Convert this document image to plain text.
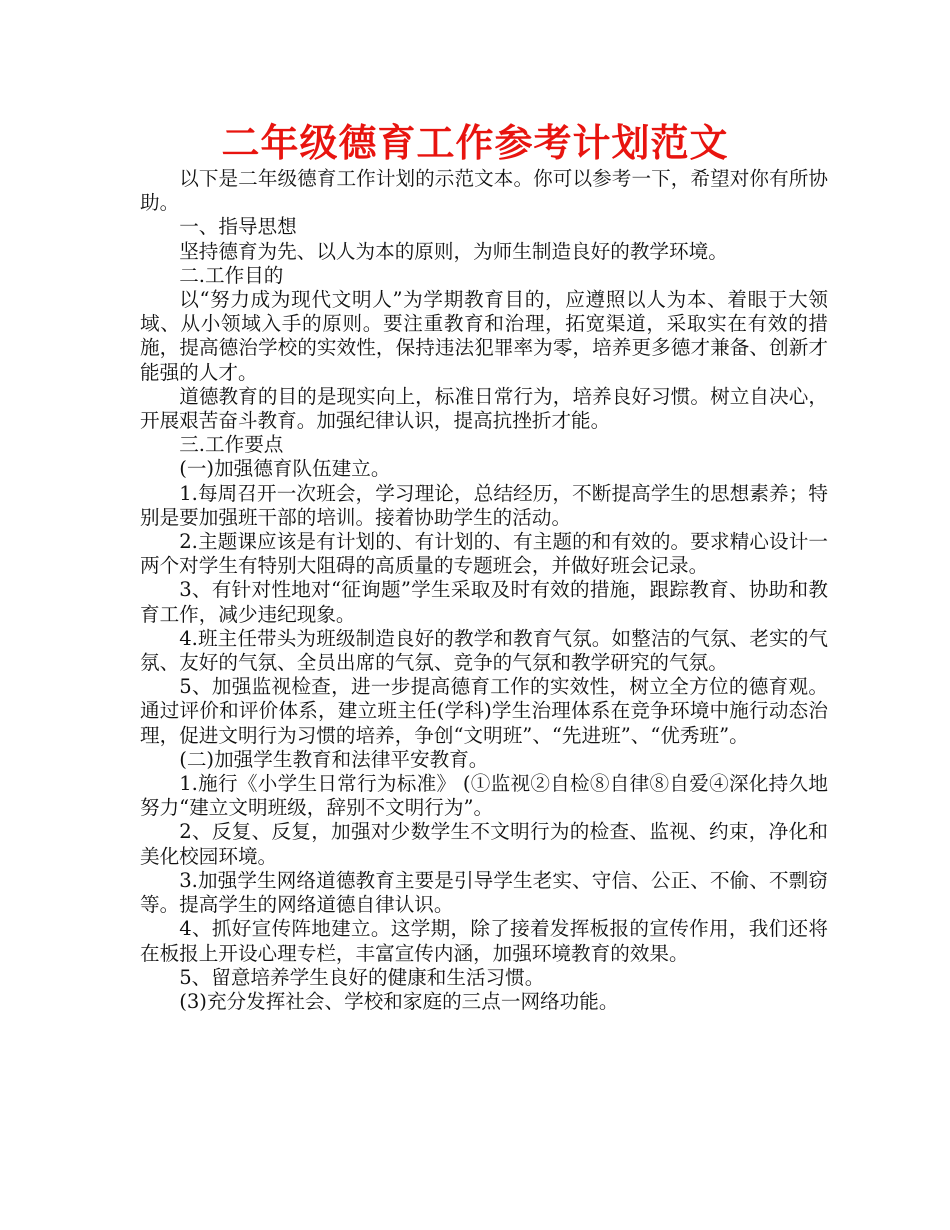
二年级德育工作参考计划范文

以下是二年级德育工作计划的示范文本。你可以参考一下，希望对你有所协助。

一、指导思想

坚持德育为先、以人为本的原则，为师生制造良好的教学环境。

二.工作目的

以“努力成为现代文明人”为学期教育目的，应遵照以人为本、着眼于大领域、从小领域入手的原则。要注重教育和治理，拓宽渠道，采取实在有效的措施，提高德治学校的实效性，保持违法犯罪率为零，培养更多德才兼备、创新才能强的人才。

道德教育的目的是现实向上，标准日常行为，培养良好习惯。树立自决心，开展艰苦奋斗教育。加强纪律认识，提高抗挫折才能。

三.工作要点

(一)加强德育队伍建立。

1.每周召开一次班会，学习理论，总结经历，不断提高学生的思想素养；特别是要加强班干部的培训。接着协助学生的活动。

2.主题课应该是有计划的、有计划的、有主题的和有效的。要求精心设计一两个对学生有特别大阻碍的高质量的专题班会，并做好班会记录。

3、有针对性地对“征询题”学生采取及时有效的措施，跟踪教育、协助和教育工作，减少违纪现象。

4.班主任带头为班级制造良好的教学和教育气氛。如整洁的气氛、老实的气氛、友好的气氛、全员出席的气氛、竞争的气氛和教学研究的气氛。

5、加强监视检查，进一步提高德育工作的实效性，树立全方位的德育观。通过评价和评价体系，建立班主任(学科)学生治理体系在竞争环境中施行动态治理，促进文明行为习惯的培养，争创“文明班”、“先进班”、“优秀班”。

(二)加强学生教育和法律平安教育。

1.施行《小学生日常行为标准》 (①监视②自检⑧自律⑧自爱④深化持久地努力“建立文明班级，辞别不文明行为”。

2、反复、反复，加强对少数学生不文明行为的检查、监视、约束，净化和美化校园环境。

3.加强学生网络道德教育主要是引导学生老实、守信、公正、不偷、不剽窃等。提高学生的网络道德自律认识。

4、抓好宣传阵地建立。这学期，除了接着发挥板报的宣传作用，我们还将在板报上开设心理专栏，丰富宣传内涵，加强环境教育的效果。

5、留意培养学生良好的健康和生活习惯。

(3)充分发挥社会、学校和家庭的三点一网络功能。
